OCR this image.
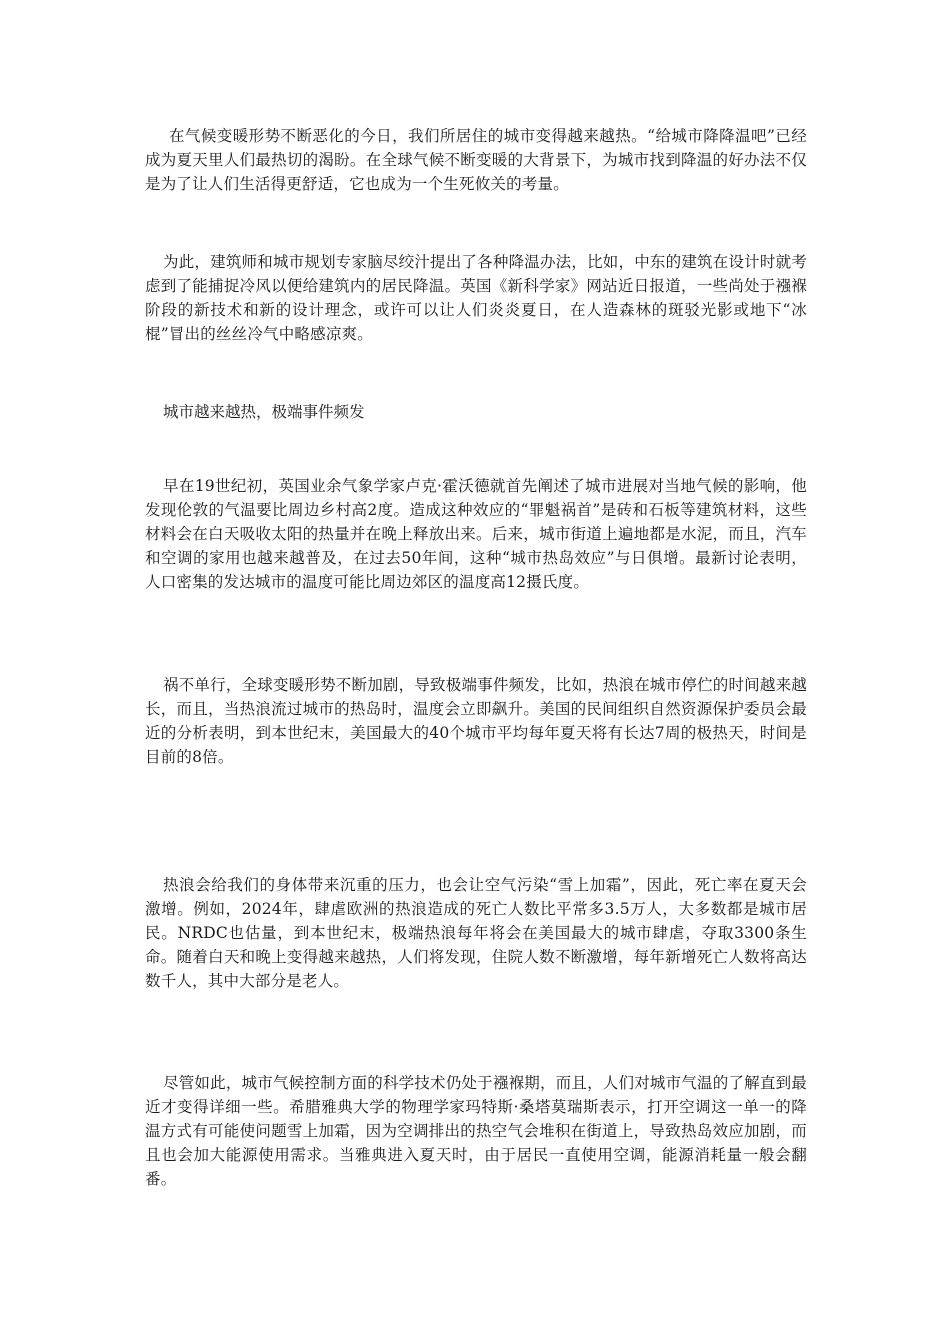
在气候变暖形势不断恶化的今日，我们所居住的城市变得越来越热。“给城市降降温吧”已经成为夏天里人们最热切的渴盼。在全球气候不断变暖的大背景下，为城市找到降温的好办法不仅是为了让人们生活得更舒适，它也成为一个生死攸关的考量。

为此，建筑师和城市规划专家脑尽绞汁提出了各种降温办法，比如，中东的建筑在设计时就考虑到了能捕捉冷风以便给建筑内的居民降温。英国《新科学家》网站近日报道，一些尚处于襁褓阶段的新技术和新的设计理念，或许可以让人们炎炎夏日，在人造森林的斑驳光影或地下“冰棍”冒出的丝丝冷气中略感凉爽。

城市越来越热，极端事件频发

早在19世纪初，英国业余气象学家卢克·霍沃德就首先阐述了城市进展对当地气候的影响，他发现伦敦的气温要比周边乡村高2度。造成这种效应的“罪魁祸首”是砖和石板等建筑材料，这些材料会在白天吸收太阳的热量并在晚上释放出来。后来，城市街道上遍地都是水泥，而且，汽车和空调的家用也越来越普及，在过去50年间，这种“城市热岛效应”与日俱增。最新讨论表明，人口密集的发达城市的温度可能比周边郊区的温度高12摄氏度。

祸不单行，全球变暖形势不断加剧，导致极端事件频发，比如，热浪在城市停伫的时间越来越长，而且，当热浪流过城市的热岛时，温度会立即飙升。美国的民间组织自然资源保护委员会最近的分析表明，到本世纪末，美国最大的40个城市平均每年夏天将有长达7周的极热天，时间是目前的8倍。

热浪会给我们的身体带来沉重的压力，也会让空气污染“雪上加霜”，因此，死亡率在夏天会激增。例如，2024年，肆虐欧洲的热浪造成的死亡人数比平常多3.5万人，大多数都是城市居民。NRDC也估量，到本世纪末，极端热浪每年将会在美国最大的城市肆虐，夺取3300条生命。随着白天和晚上变得越来越热，人们将发现，住院人数不断激增，每年新增死亡人数将高达数千人，其中大部分是老人。

尽管如此，城市气候控制方面的科学技术仍处于襁褓期，而且，人们对城市气温的了解直到最近才变得详细一些。希腊雅典大学的物理学家玛特斯·桑塔莫瑞斯表示，打开空调这一单一的降温方式有可能使问题雪上加霜，因为空调排出的热空气会堆积在街道上，导致热岛效应加剧，而且也会加大能源使用需求。当雅典进入夏天时，由于居民一直使用空调，能源消耗量一般会翻番。
